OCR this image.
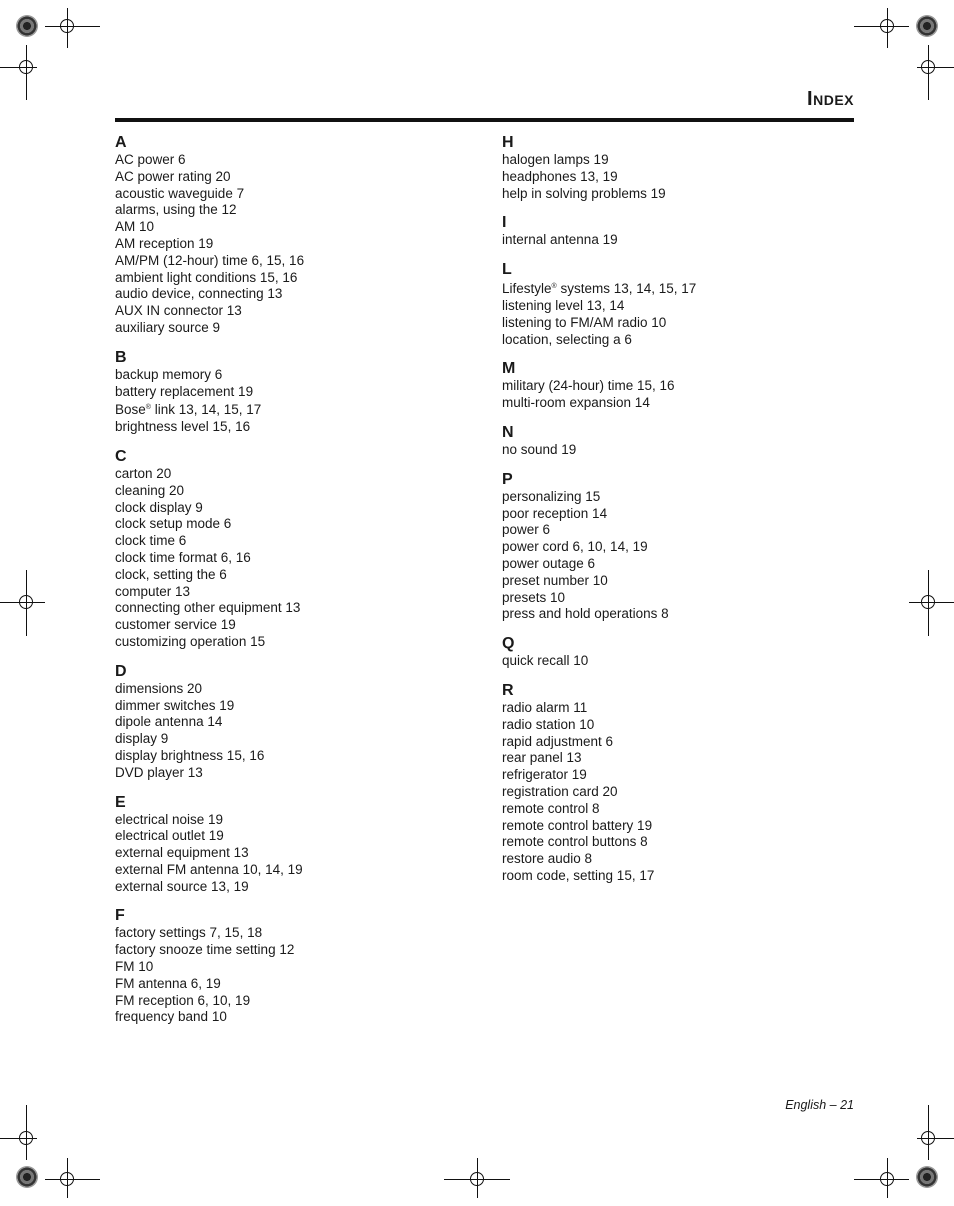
Index
A
AC power 6
AC power rating 20
acoustic waveguide 7
alarms, using the 12
AM 10
AM reception 19
AM/PM (12-hour) time 6, 15, 16
ambient light conditions 15, 16
audio device, connecting 13
AUX IN connector 13
auxiliary source 9
B
backup memory 6
battery replacement 19
Bose® link 13, 14, 15, 17
brightness level 15, 16
C
carton 20
cleaning 20
clock display 9
clock setup mode 6
clock time 6
clock time format 6, 16
clock, setting the 6
computer 13
connecting other equipment 13
customer service 19
customizing operation 15
D
dimensions 20
dimmer switches 19
dipole antenna 14
display 9
display brightness 15, 16
DVD player 13
E
electrical noise 19
electrical outlet 19
external equipment 13
external FM antenna 10, 14, 19
external source 13, 19
F
factory settings 7, 15, 18
factory snooze time setting 12
FM 10
FM antenna 6, 19
FM reception 6, 10, 19
frequency band 10
H
halogen lamps 19
headphones 13, 19
help in solving problems 19
I
internal antenna 19
L
Lifestyle® systems 13, 14, 15, 17
listening level 13, 14
listening to FM/AM radio 10
location, selecting a 6
M
military (24-hour) time 15, 16
multi-room expansion 14
N
no sound 19
P
personalizing 15
poor reception 14
power 6
power cord 6, 10, 14, 19
power outage 6
preset number 10
presets 10
press and hold operations 8
Q
quick recall 10
R
radio alarm 11
radio station 10
rapid adjustment 6
rear panel 13
refrigerator 19
registration card 20
remote control 8
remote control battery 19
remote control buttons 8
restore audio 8
room code, setting 15, 17
English – 21
